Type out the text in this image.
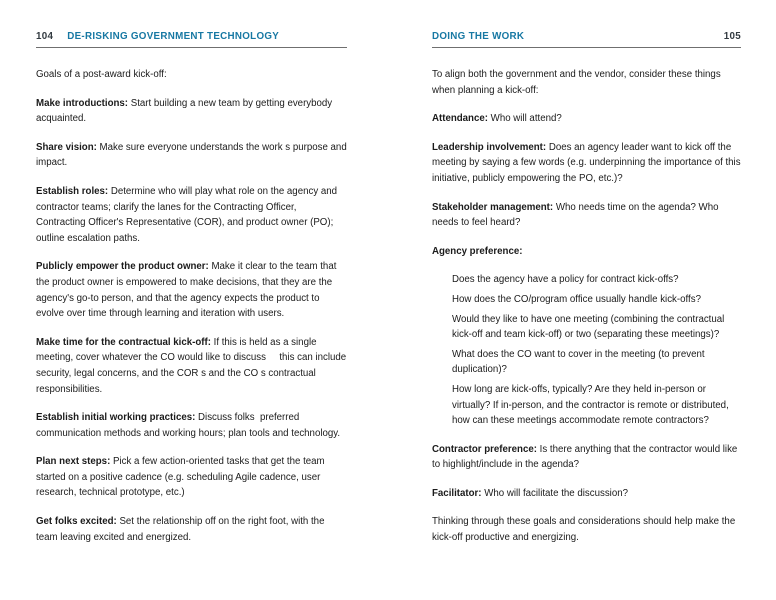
104 DE-RISKING GOVERNMENT TECHNOLOGY

Goals of a post-award kick-off:

Make introductions: Start building a new team by getting everybody acquainted.

Share vision: Make sure everyone understands the work s purpose and impact.

Establish roles: Determine who will play what role on the agency and contractor teams; clarify the lanes for the Contracting Officer, Contracting Officer's Representative (COR), and product owner (PO); outline escalation paths.

Publicly empower the product owner: Make it clear to the team that the product owner is empowered to make decisions, that they are the agency's go-to person, and that the agency expects the product to evolve over time through learning and iteration with users.

Make time for the contractual kick-off: If this is held as a single meeting, cover whatever the CO would like to discuss     this can include security, legal concerns, and the COR s and the CO s contractual responsibilities.

Establish initial working practices: Discuss folks  preferred communication methods and working hours; plan tools and technology.

Plan next steps: Pick a few action-oriented tasks that get the team started on a positive cadence (e.g. scheduling Agile cadence, user research, technical prototype, etc.)

Get folks excited: Set the relationship off on the right foot, with the team leaving excited and energized.

DOING THE WORK	105

To align both the government and the vendor, consider these things when planning a kick-off:

Attendance: Who will attend?

Leadership involvement: Does an agency leader want to kick off the meeting by saying a few words (e.g. underpinning the importance of this initiative, publicly empowering the PO, etc.)?

Stakeholder management: Who needs time on the agenda? Who needs to feel heard?

Agency preference:

Does the agency have a policy for contract kick-offs?

How does the CO/program office usually handle kick-offs?

Would they like to have one meeting (combining the contractual kick-off and team kick-off) or two (separating these meetings)?

What does the CO want to cover in the meeting (to prevent duplication)?

How long are kick-offs, typically? Are they held in-person or virtually? If in-person, and the contractor is remote or distributed, how can these meetings accommodate remote contractors?

Contractor preference: Is there anything that the contractor would like to highlight/include in the agenda?

Facilitator: Who will facilitate the discussion?

Thinking through these goals and considerations should help make the kick-off productive and energizing.
